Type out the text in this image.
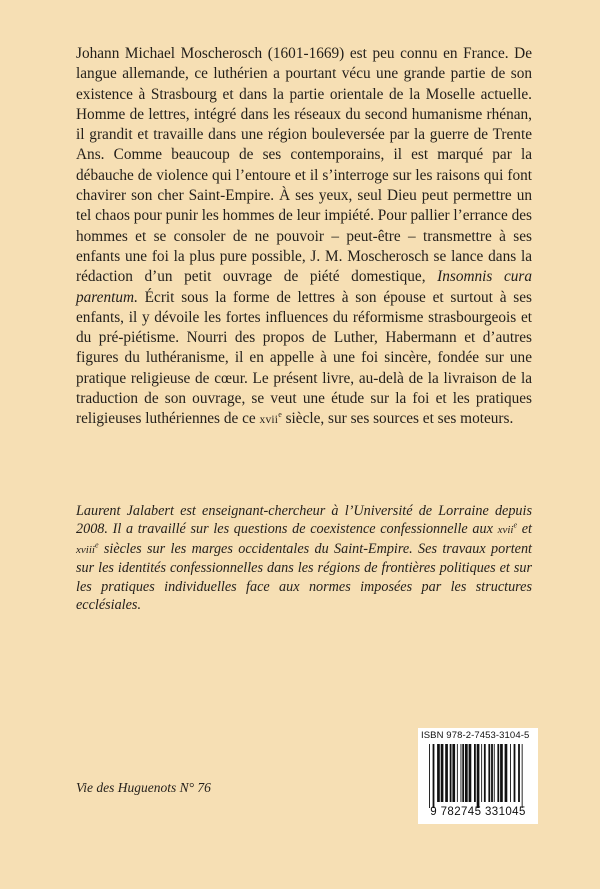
Johann Michael Moscherosch (1601-1669) est peu connu en France. De langue allemande, ce luthérien a pourtant vécu une grande partie de son existence à Strasbourg et dans la partie orientale de la Moselle actuelle. Homme de lettres, intégré dans les réseaux du second humanisme rhénan, il grandit et travaille dans une région bouleversée par la guerre de Trente Ans. Comme beaucoup de ses contemporains, il est marqué par la débauche de violence qui l’entoure et il s’interroge sur les raisons qui font chavirer son cher Saint-Empire. À ses yeux, seul Dieu peut permettre un tel chaos pour punir les hommes de leur impiété. Pour pallier l’errance des hommes et se consoler de ne pouvoir – peut-être – transmettre à ses enfants une foi la plus pure possible, J. M. Moscherosch se lance dans la rédaction d’un petit ouvrage de piété domestique, Insomnis cura parentum. Écrit sous la forme de lettres à son épouse et surtout à ses enfants, il y dévoile les fortes influences du réformisme strasbourgeois et du pré-piétisme. Nourri des propos de Luther, Habermann et d’autres figures du luthéranisme, il en appelle à une foi sincère, fondée sur une pratique religieuse de cœur. Le présent livre, au-delà de la livraison de la traduction de son ouvrage, se veut une étude sur la foi et les pratiques religieuses luthériennes de ce xvii$^e$ siècle, sur ses sources et ses moteurs.

Laurent Jalabert est enseignant-chercheur à l’Université de Lorraine depuis 2008. Il a travaillé sur les questions de coexistence confessionnelle aux xvii$^e$ et xviii$^e$ siècles sur les marges occidentales du Saint-Empire. Ses travaux portent sur les identités confessionnelles dans les régions de frontières politiques et sur les pratiques individuelles face aux normes imposées par les structures ecclésiales.

Vie des Huguenots N° 76

ISBN 978-2-7453-3104-5
9 782745 331045
